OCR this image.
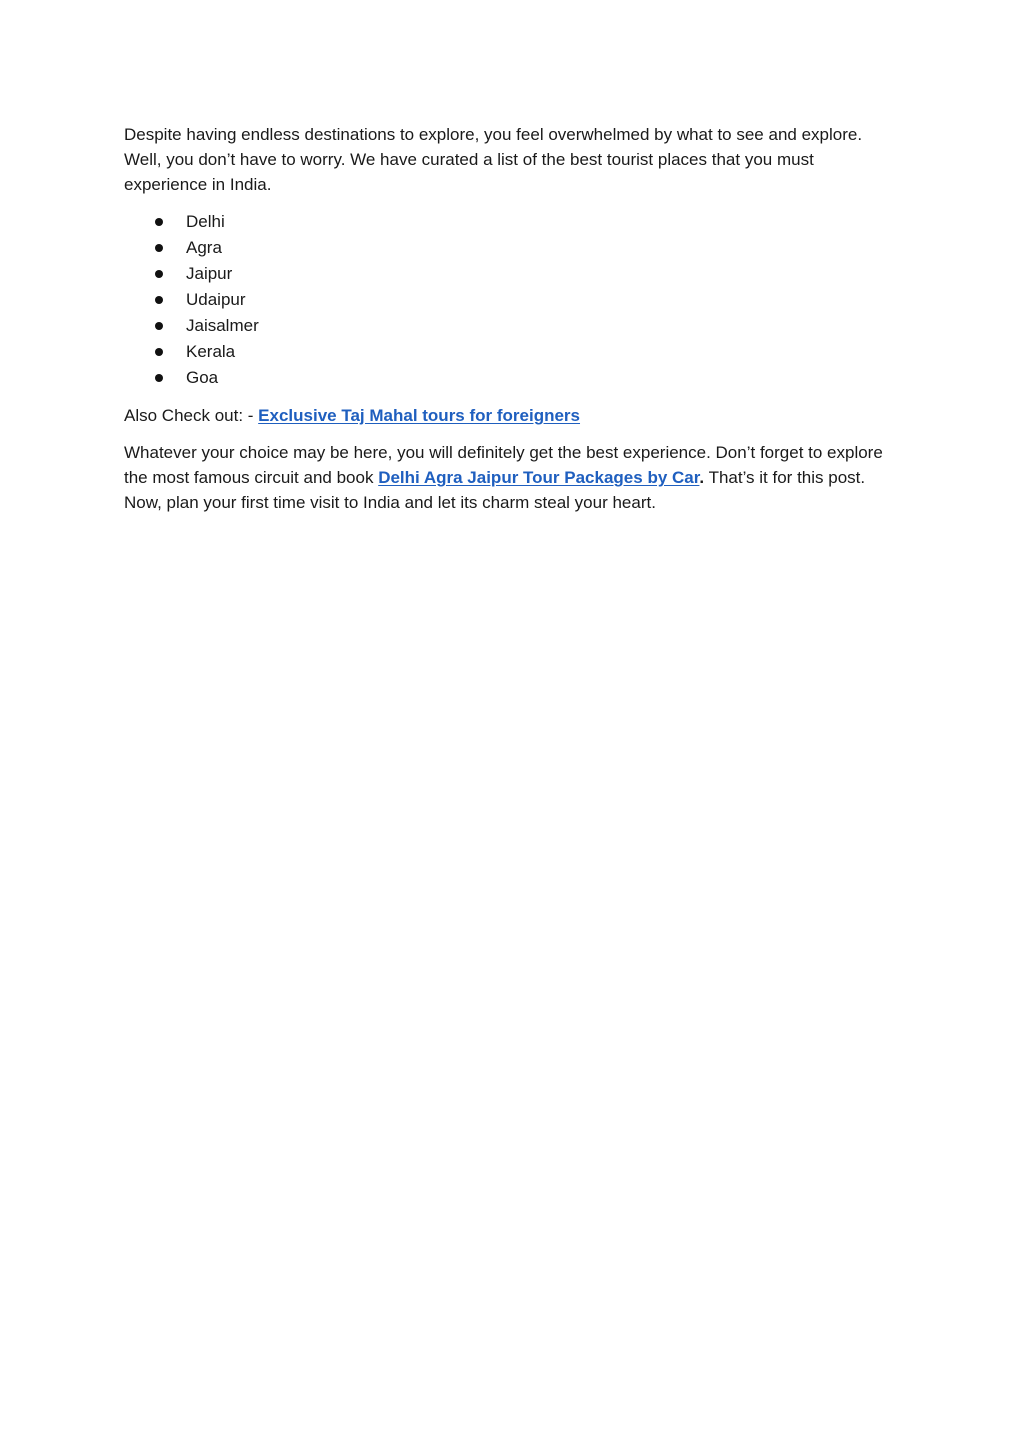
Despite having endless destinations to explore, you feel overwhelmed by what to see and explore. Well, you don’t have to worry. We have curated a list of the best tourist places that you must experience in India.

Delhi
Agra
Jaipur
Udaipur
Jaisalmer
Kerala
Goa

Also Check out: - Exclusive Taj Mahal tours for foreigners

Whatever your choice may be here, you will definitely get the best experience. Don’t forget to explore the most famous circuit and book Delhi Agra Jaipur Tour Packages by Car. That’s it for this post. Now, plan your first time visit to India and let its charm steal your heart.
